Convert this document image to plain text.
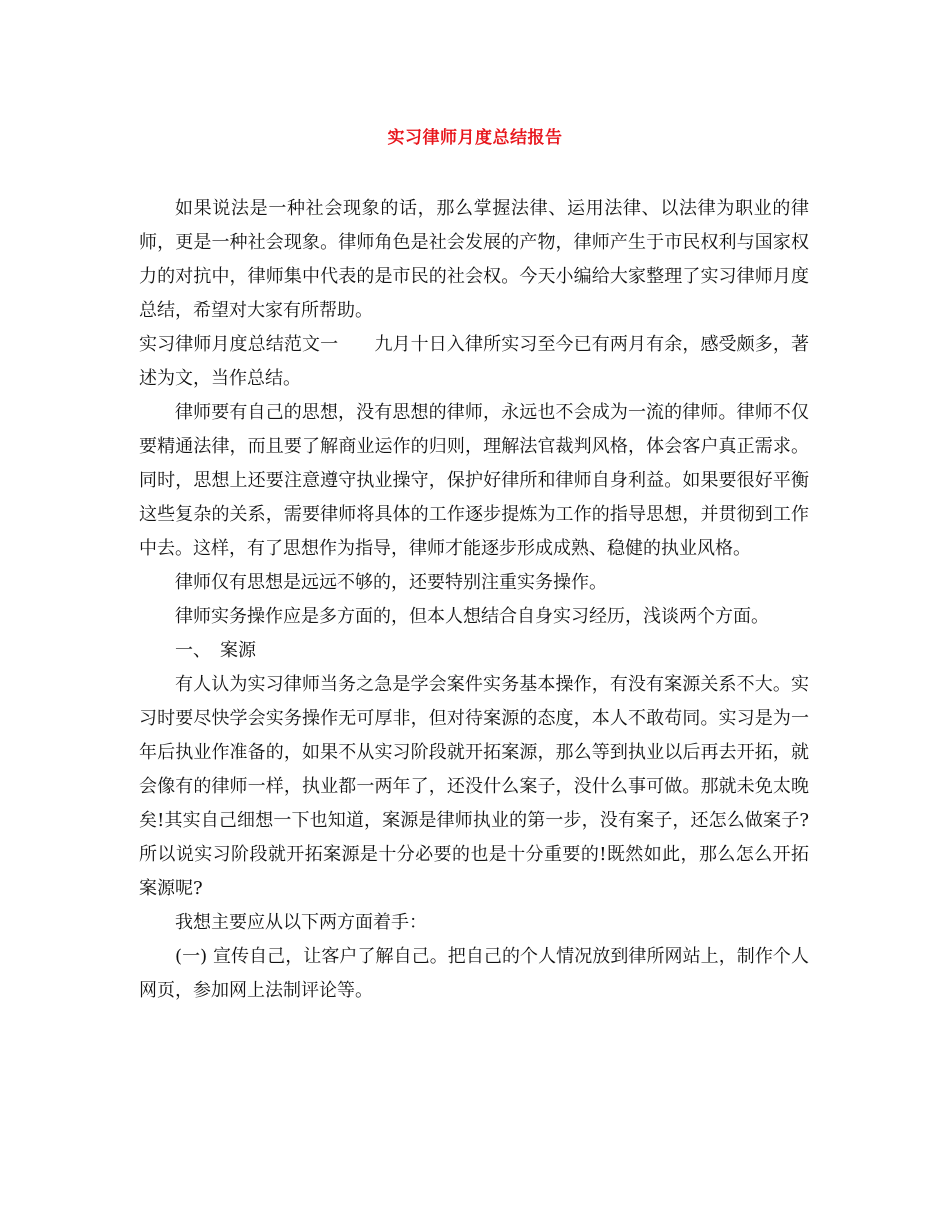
实习律师月度总结报告

如果说法是一种社会现象的话，那么掌握法律、运用法律、以法律为职业的律师，更是一种社会现象。律师角色是社会发展的产物，律师产生于市民权利与国家权力的对抗中，律师集中代表的是市民的社会权。今天小编给大家整理了实习律师月度总结，希望对大家有所帮助。

实习律师月度总结范文一　　九月十日入律所实习至今已有两月有余，感受颇多，著述为文，当作总结。

律师要有自己的思想，没有思想的律师，永远也不会成为一流的律师。律师不仅要精通法律，而且要了解商业运作的归则，理解法官裁判风格，体会客户真正需求。同时，思想上还要注意遵守执业操守，保护好律所和律师自身利益。如果要很好平衡这些复杂的关系，需要律师将具体的工作逐步提炼为工作的指导思想，并贯彻到工作中去。这样，有了思想作为指导，律师才能逐步形成成熟、稳健的执业风格。

律师仅有思想是远远不够的，还要特别注重实务操作。

律师实务操作应是多方面的，但本人想结合自身实习经历，浅谈两个方面。

一、　案源

有人认为实习律师当务之急是学会案件实务基本操作，有没有案源关系不大。实习时要尽快学会实务操作无可厚非，但对待案源的态度，本人不敢苟同。实习是为一年后执业作准备的，如果不从实习阶段就开拓案源，那么等到执业以后再去开拓，就会像有的律师一样，执业都一两年了，还没什么案子，没什么事可做。那就未免太晚矣!其实自己细想一下也知道，案源是律师执业的第一步，没有案子，还怎么做案子?所以说实习阶段就开拓案源是十分必要的也是十分重要的!既然如此，那么怎么开拓案源呢?

我想主要应从以下两方面着手：

(一) 宣传自己，让客户了解自己。把自己的个人情况放到律所网站上，制作个人网页，参加网上法制评论等。
